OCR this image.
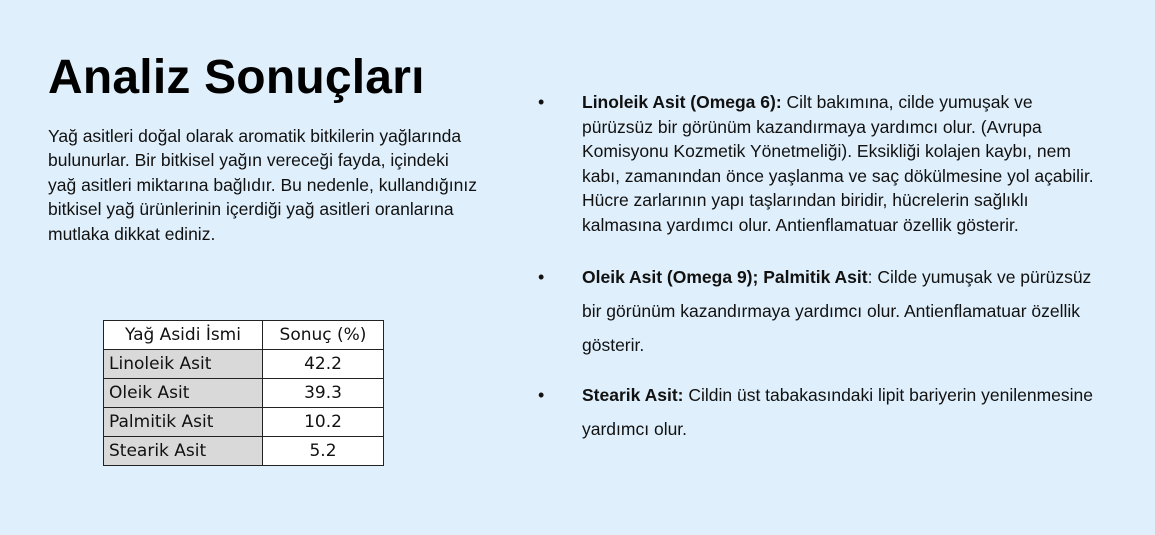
Analiz Sonuçları

Yağ asitleri doğal olarak aromatik bitkilerin yağlarında bulunurlar. Bir bitkisel yağın vereceği fayda, içindeki yağ asitleri miktarına bağlıdır. Bu nedenle, kullandığınız bitkisel yağ ürünlerinin içerdiği yağ asitleri oranlarına mutlaka dikkat ediniz.

Yağ Asidi İsmi	Sonuç (%)
Linoleik Asit	42.2
Oleik Asit	39.3
Palmitik Asit	10.2
Stearik Asit	5.2
• Linoleik Asit (Omega 6): Cilt bakımına, cilde yumuşak ve pürüzsüz bir görünüm kazandırmaya yardımcı olur. (Avrupa Komisyonu Kozmetik Yönetmeliği). Eksikliği kolajen kaybı, nem kabı, zamanından önce yaşlanma ve saç dökülmesine yol açabilir. Hücre zarlarının yapı taşlarından biridir, hücrelerin sağlıklı kalmasına yardımcı olur. Antienflamatuar özellik gösterir.
• Oleik Asit (Omega 9); Palmitik Asit: Cilde yumuşak ve pürüzsüz bir görünüm kazandırmaya yardımcı olur. Antienflamatuar özellik gösterir.
• Stearik Asit: Cildin üst tabakasındaki lipit bariyerin yenilenmesine yardımcı olur.
